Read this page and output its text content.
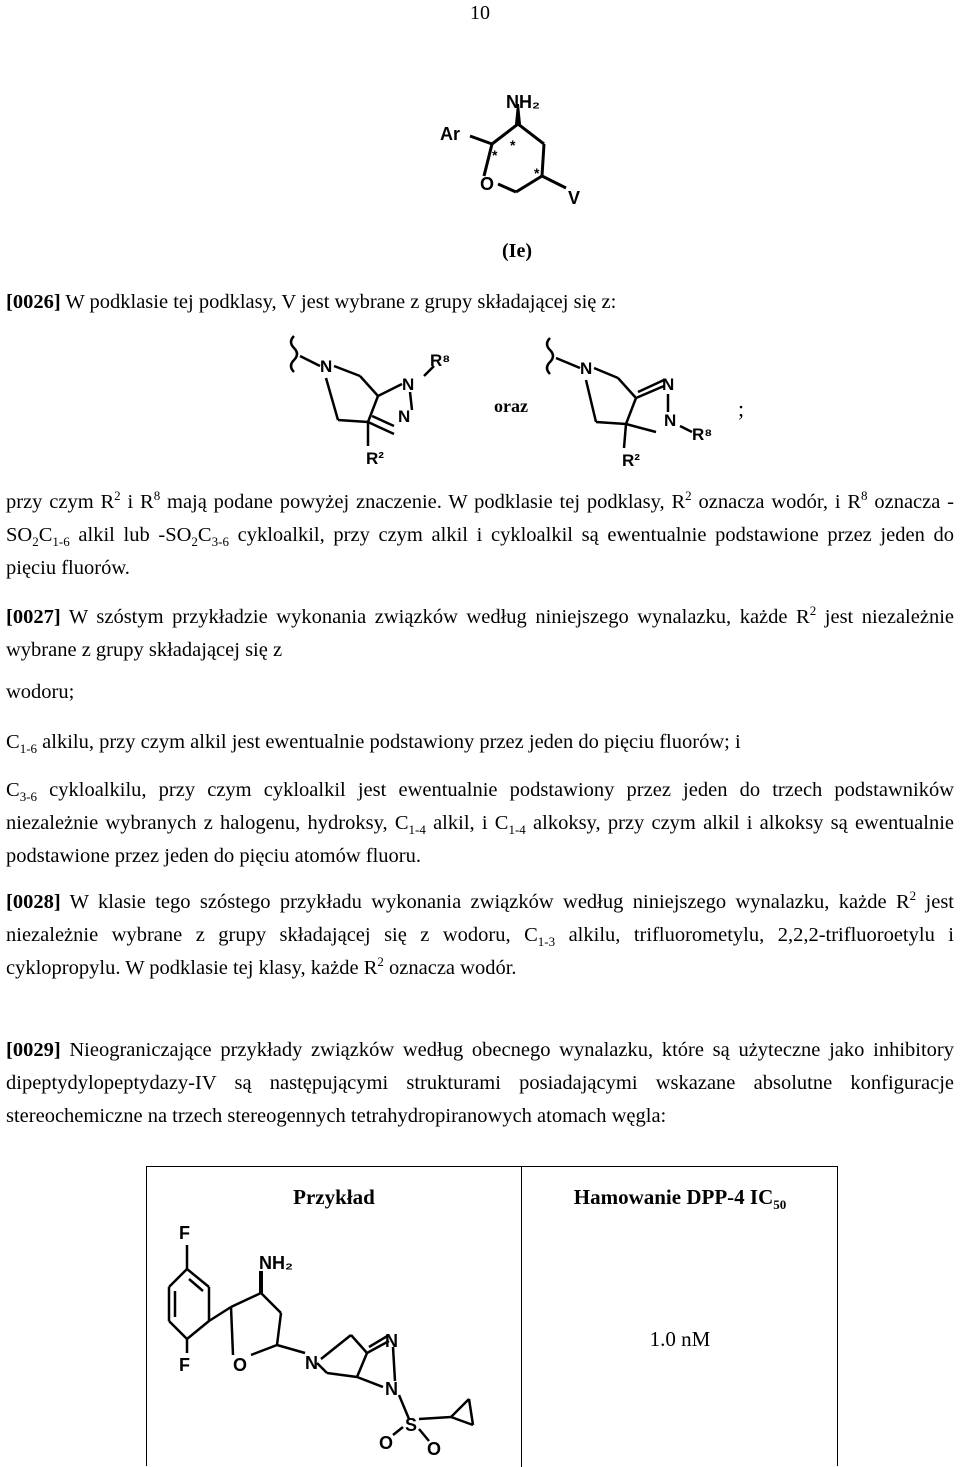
10
NH₂
Ar
O
V
*
*
*
(Ie)

[0026] W podklasie tej podklasy, V jest wybrane z grupy składającej się z:

N
N
N
R⁸
R²
oraz
N
N
N
R⁸
R²
;

przy czym $R^2$ i $R^8$ mają podane powyżej znaczenie. W podklasie tej podklasy, $R^2$ oznacza wodór, i $R^8$ oznacza $-SO_2C_{1-6}$ alkil lub $-SO_2C_{3-6}$ cykloalkil, przy czym alkil i cykloalkil są ewentualnie podstawione przez jeden do pięciu fluorów.

[0027] W szóstym przykładzie wykonania związków według niniejszego wynalazku, każde $R^2$ jest niezależnie wybrane z grupy składającej się z

wodoru;

$C_{1-6}$ alkilu, przy czym alkil jest ewentualnie podstawiony przez jeden do pięciu fluorów; i

$C_{3-6}$ cykloalkilu, przy czym cykloalkil jest ewentualnie podstawiony przez jeden do trzech podstawników niezależnie wybranych z halogenu, hydroksy, $C_{1-4}$ alkil, i $C_{1-4}$ alkoksy, przy czym alkil i alkoksy są ewentualnie podstawione przez jeden do pięciu atomów fluoru.

[0028] W klasie tego szóstego przykładu wykonania związków według niniejszego wynalazku, każde $R^2$ jest niezależnie wybrane z grupy składającej się z wodoru, $C_{1-3}$ alkilu, trifluorometylu, 2,2,2-trifluoroetylu i cyklopropylu. W podklasie tej klasy, każde $R^2$ oznacza wodór.

[0029] Nieograniczające przykłady związków według obecnego wynalazku, które są użyteczne jako inhibitory dipeptydylopeptydazy-IV są następującymi strukturami posiadającymi wskazane absolutne konfiguracje stereochemiczne na trzech stereogennych tetrahydropiranowych atomach węgla:

Przykład	Hamowanie DPP-4 $IC_{50}$
1.0 nM
F
F
NH₂
O	N
N
N
S
O O
